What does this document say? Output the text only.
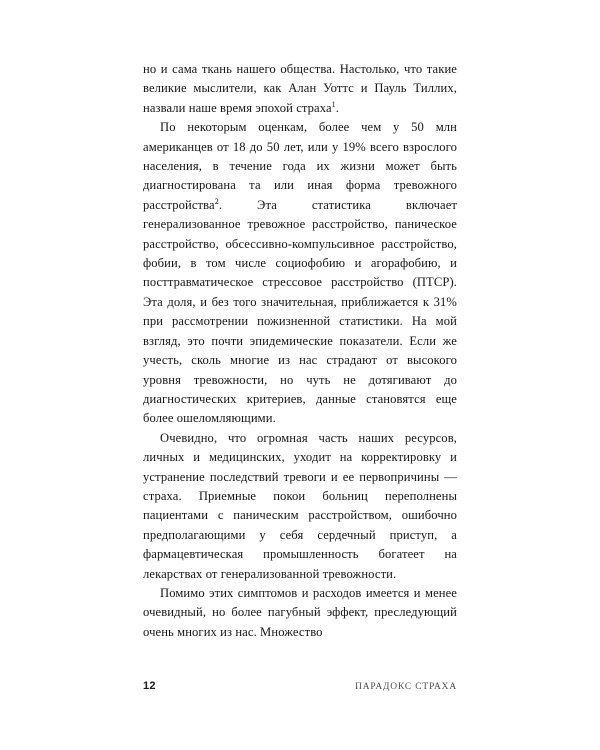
но и сама ткань нашего общества. Настолько, что такие великие мыслители, как Алан Уоттс и Пауль Тиллих, назвали наше время эпохой страха$^1$.

По некоторым оценкам, более чем у 50 млн американцев от 18 до 50 лет, или у 19% всего взрослого населения, в течение года их жизни может быть диагностирована та или иная форма тревожного расстройства$^2$. Эта статистика включает генерализованное тревожное расстройство, паническое расстройство, обсессивно-компульсивное расстройство, фобии, в том числе социофобию и агорафобию, и посттравматическое стрессовое расстройство (ПТСР). Эта доля, и без того значительная, приближается к 31% при рассмотрении пожизненной статистики. На мой взгляд, это почти эпидемические показатели. Если же учесть, сколь многие из нас страдают от высокого уровня тревожности, но чуть не дотягивают до диагностических критериев, данные становятся еще более ошеломляющими.

Очевидно, что огромная часть наших ресурсов, личных и медицинских, уходит на корректировку и устранение последствий тревоги и ее первопричины — страха. Приемные покои больниц переполнены пациентами с паническим расстройством, ошибочно предполагающими у себя сердечный приступ, а фармацевтическая промышленность богатеет на лекарствах от генерализованной тревожности.

Помимо этих симптомов и расходов имеется и менее очевидный, но более пагубный эффект, преследующий очень многих из нас. Множество

12	ПАРАДОКС СТРАХА
